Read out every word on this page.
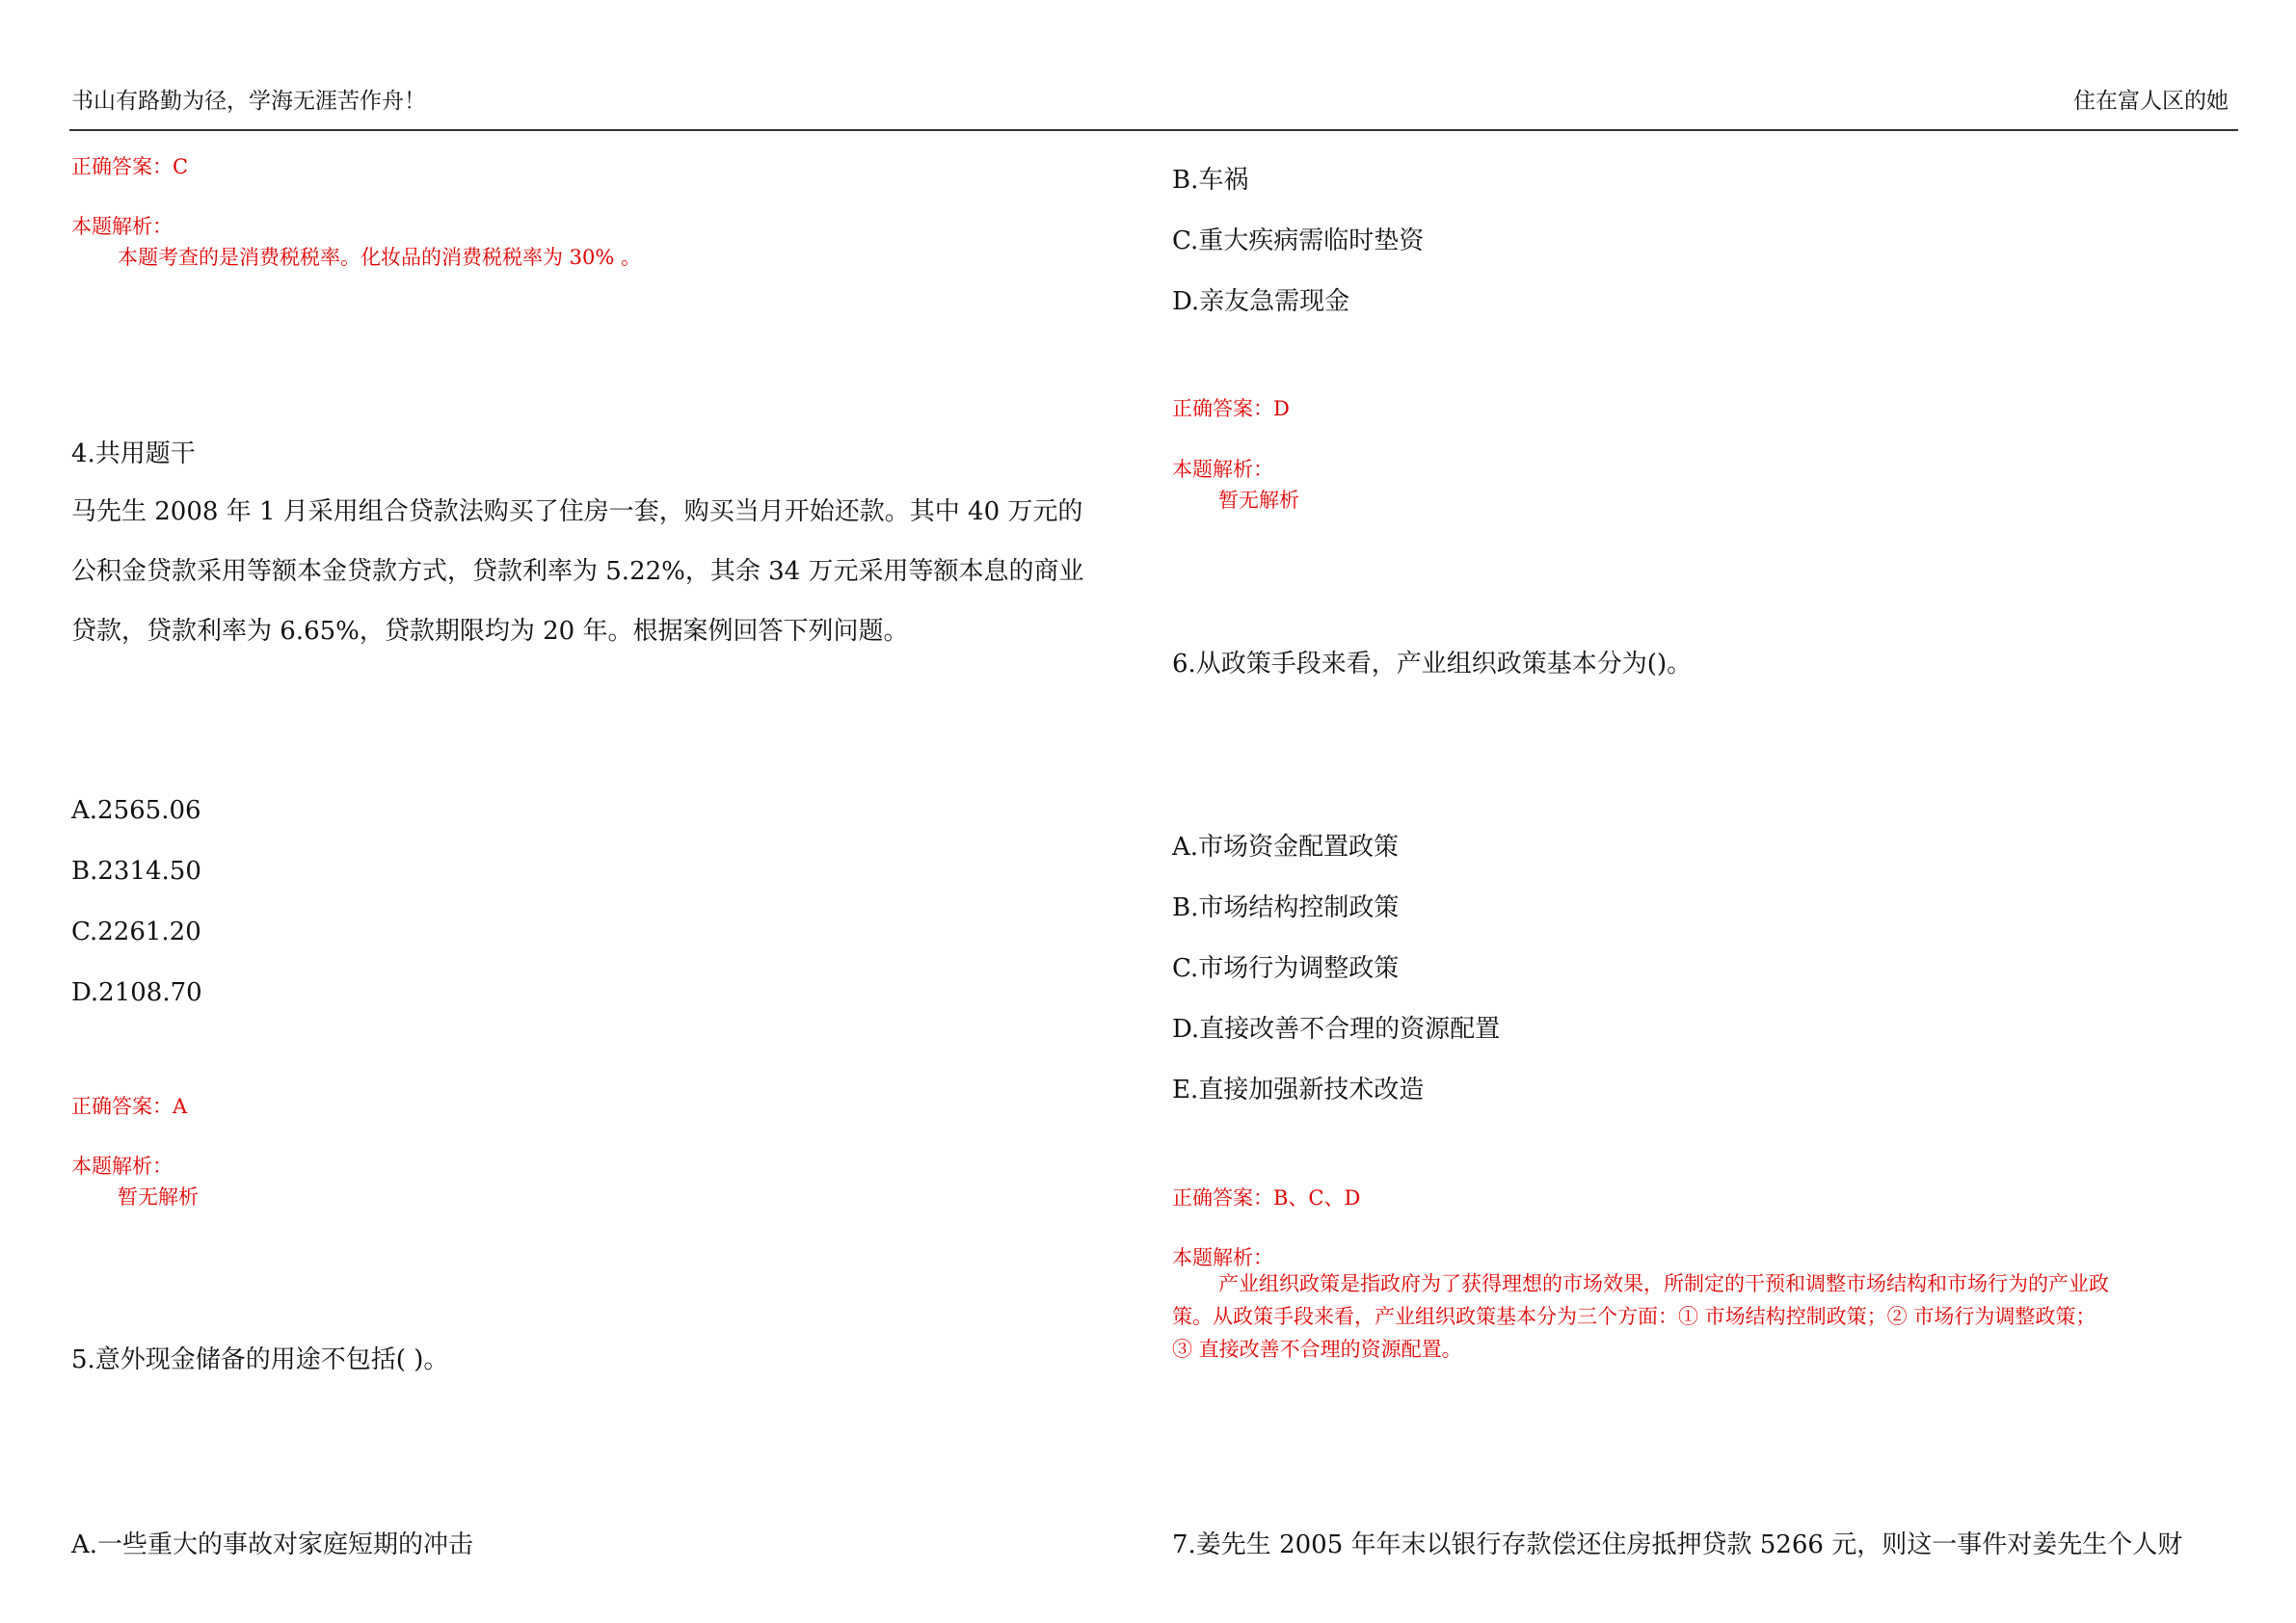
书山有路勤为径，学海无涯苦作舟！	住在富人区的她
正确答案：C
本题解析：
本题考查的是消费税税率。化妆品的消费税税率为 30% 。
4.共用题干
马先生 2008 年 1 月采用组合贷款法购买了住房一套，购买当月开始还款。其中 40 万元的
公积金贷款采用等额本金贷款方式，贷款利率为 5.22%，其余 34 万元采用等额本息的商业
贷款，贷款利率为 6.65%，贷款期限均为 20 年。根据案例回答下列问题。
A.2565.06
B.2314.50
C.2261.20
D.2108.70
正确答案：A
本题解析：
暂无解析
5.意外现金储备的用途不包括( )。
A.一些重大的事故对家庭短期的冲击
B.车祸
C.重大疾病需临时垫资
D.亲友急需现金
正确答案：D
本题解析：
暂无解析
6.从政策手段来看，产业组织政策基本分为()。
A.市场资金配置政策
B.市场结构控制政策
C.市场行为调整政策
D.直接改善不合理的资源配置
E.直接加强新技术改造
正确答案：B、C、D
本题解析：
产业组织政策是指政府为了获得理想的市场效果，所制定的干预和调整市场结构和市场行为的产业政
策。从政策手段来看，产业组织政策基本分为三个方面：① 市场结构控制政策；② 市场行为调整政策；
③ 直接改善不合理的资源配置。
7.姜先生 2005 年年末以银行存款偿还住房抵押贷款 5266 元，则这一事件对姜先生个人财
